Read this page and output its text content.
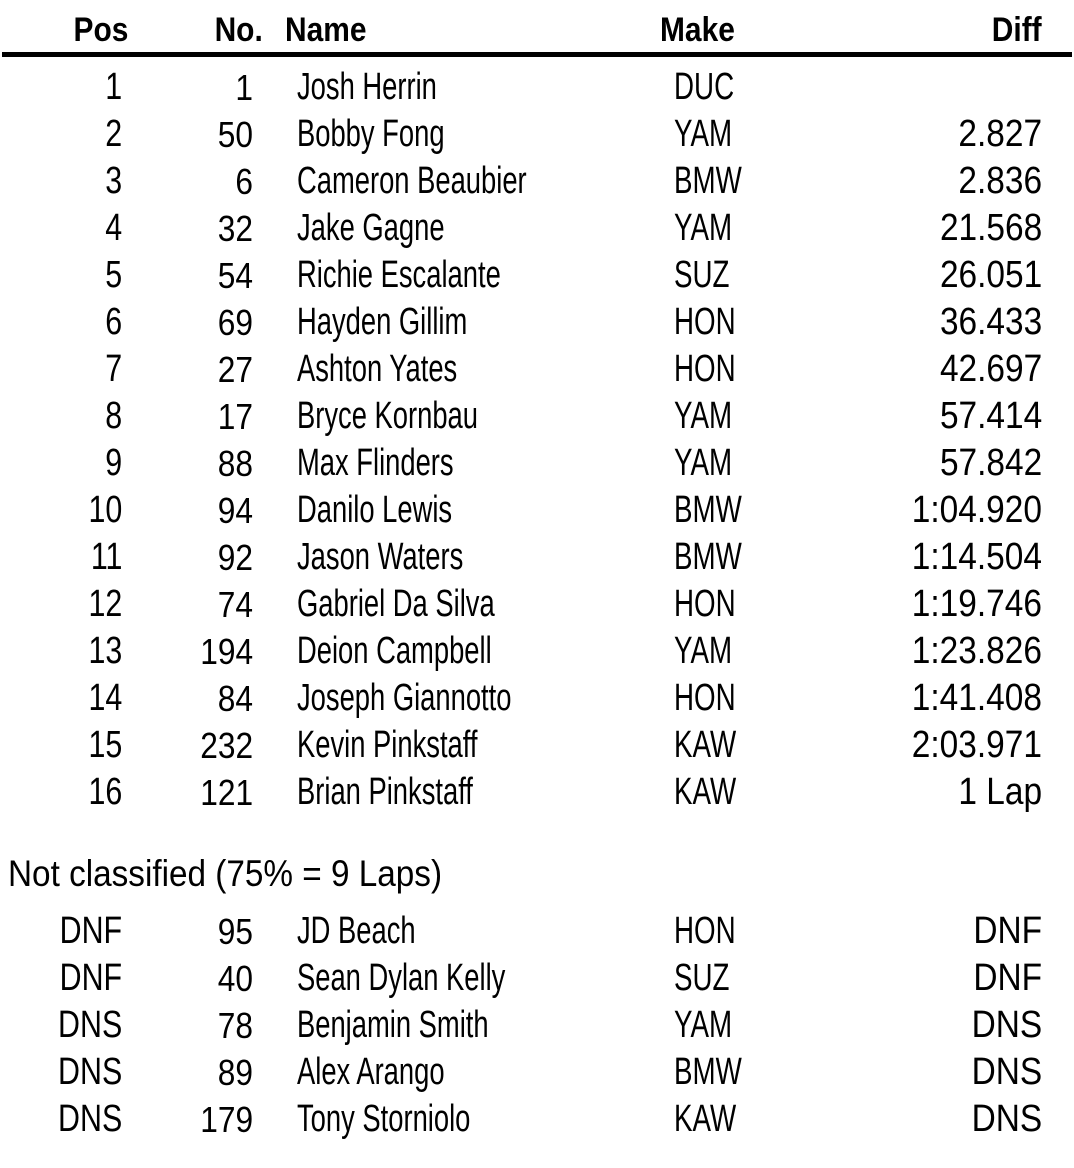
Pos	No. Name	Make	Diff
1	1 Josh Herrin	DUC
2	50 Bobby Fong	YAM	2.827
3	6 Cameron Beaubier	BMW	2.836
4	32 Jake Gagne	YAM	21.568
5	54 Richie Escalante	SUZ	26.051
6	69 Hayden Gillim	HON	36.433
7	27 Ashton Yates	HON	42.697
8	17 Bryce Kornbau	YAM	57.414
9	88 Max Flinders	YAM	57.842
10	94 Danilo Lewis	BMW	1:04.920
11	92 Jason Waters	BMW	1:14.504
12	74 Gabriel Da Silva	HON	1:19.746
13	194 Deion Campbell	YAM	1:23.826
14	84 Joseph Giannotto	HON	1:41.408
15	232 Kevin Pinkstaff	KAW	2:03.971
16	121 Brian Pinkstaff	KAW	1 Lap
Not classified (75% = 9 Laps)
DNF	95 JD Beach	HON	DNF
DNF	40 Sean Dylan Kelly	SUZ	DNF
DNS	78 Benjamin Smith	YAM	DNS
DNS	89 Alex Arango	BMW	DNS
DNS	179 Tony Storniolo	KAW	DNS
